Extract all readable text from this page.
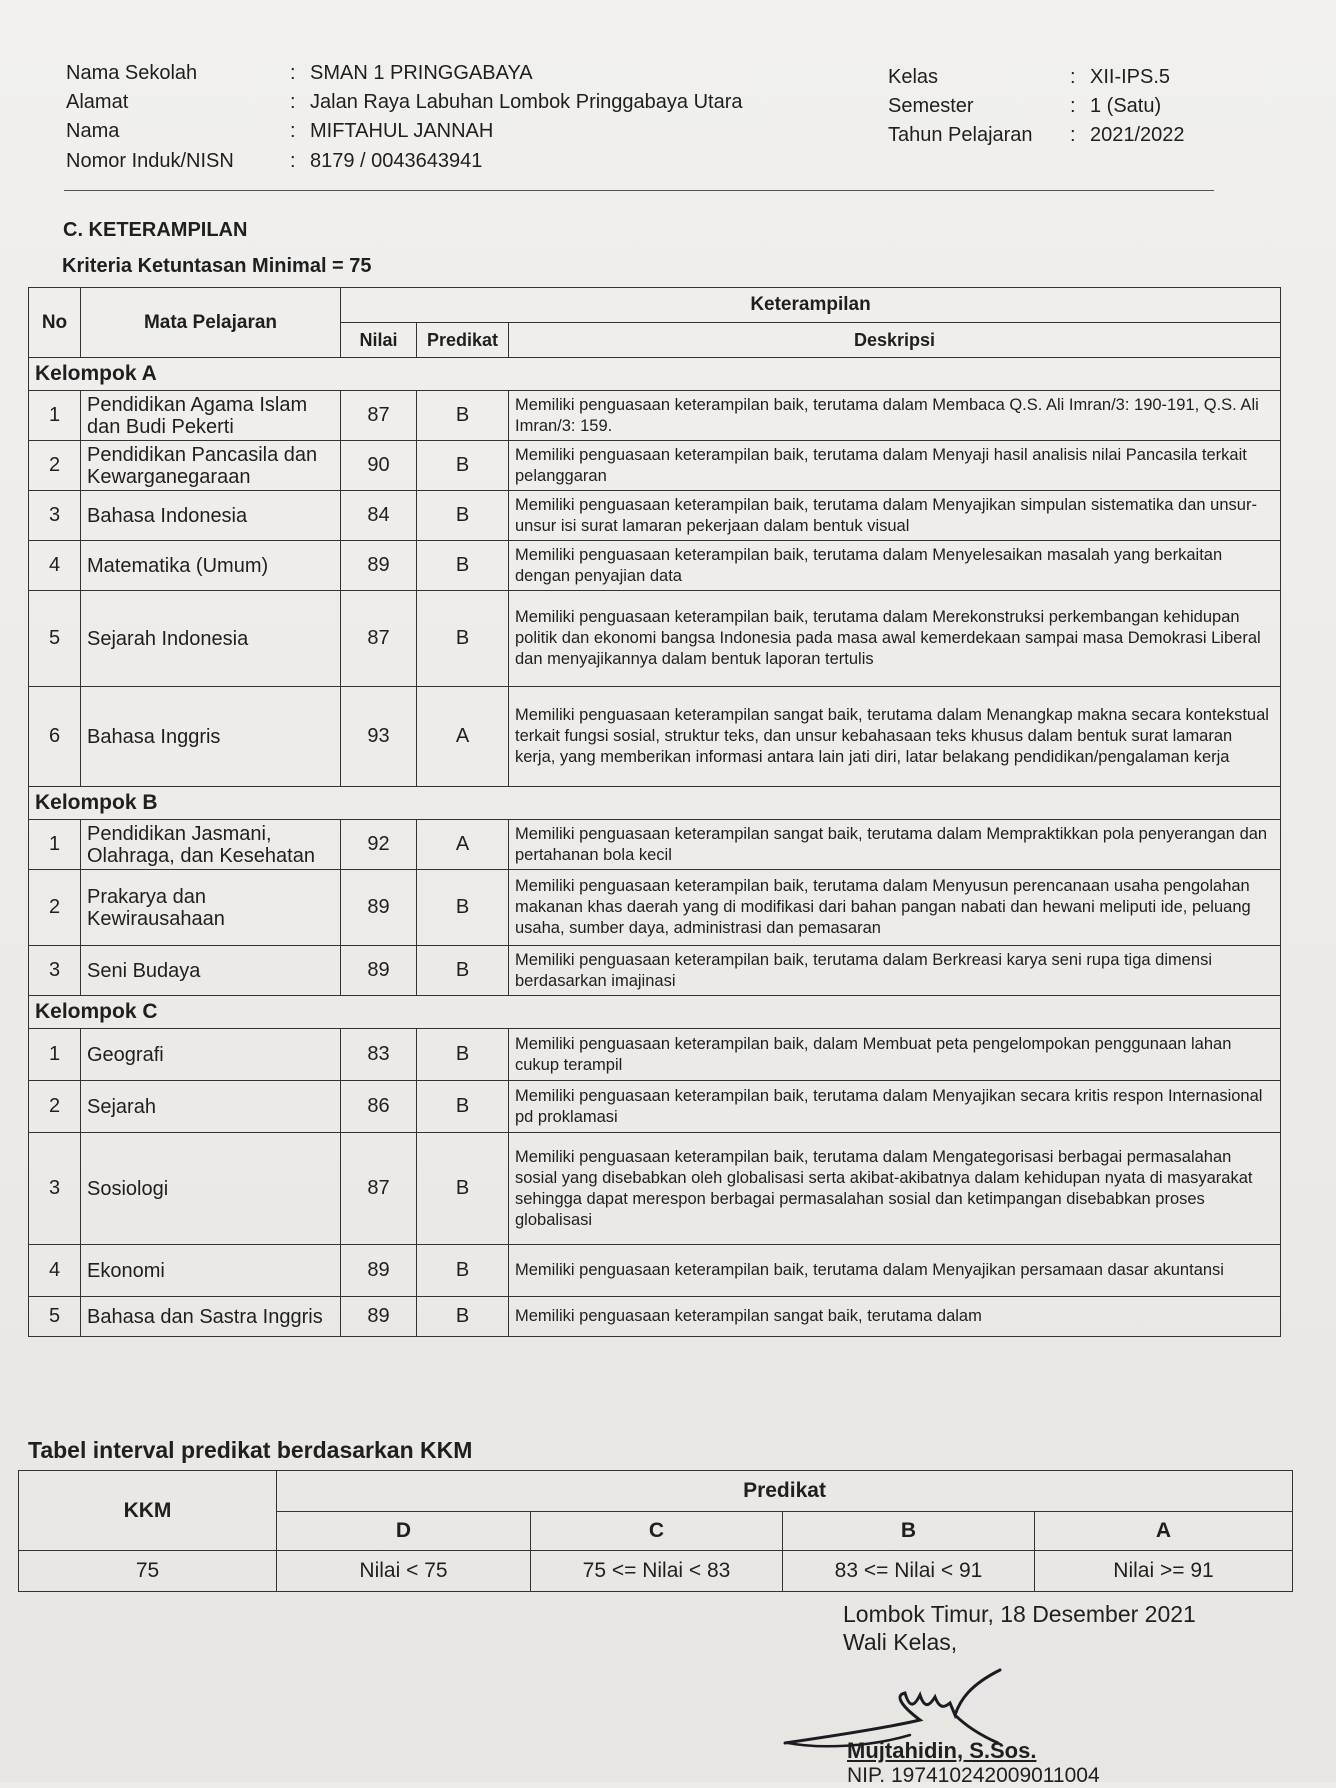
Nama Sekolah	: SMAN 1 PRINGGABAYA
Alamat	: Jalan Raya Labuhan Lombok Pringgabaya Utara
Nama	: MIFTAHUL JANNAH
Nomor Induk/NISN	: 8179 / 0043643941
Kelas	: XII-IPS.5
Semester	: 1 (Satu)
Tahun Pelajaran : 2021/2022
C. KETERAMPILAN
Kriteria Ketuntasan Minimal = 75
No	Mata Pelajaran	Keterampilan		
		Nilai	Predikat	Deskripsi
Kelompok A				
1	Pendidikan Agama Islam dan Budi Pekerti	87	B	Memiliki penguasaan keterampilan baik, terutama dalam Membaca Q.S. Ali Imran/3: 190-191, Q.S. Ali Imran/3: 159.
2	Pendidikan Pancasila dan Kewarganegaraan	90	B	Memiliki penguasaan keterampilan baik, terutama dalam Menyaji hasil analisis nilai Pancasila terkait pelanggaran
3	Bahasa Indonesia	84	B	Memiliki penguasaan keterampilan baik, terutama dalam Menyajikan simpulan sistematika dan unsur-unsur isi surat lamaran pekerjaan dalam bentuk visual
4	Matematika (Umum)	89	B	Memiliki penguasaan keterampilan baik, terutama dalam Menyelesaikan masalah yang berkaitan dengan penyajian data
5	Sejarah Indonesia	87	B	Memiliki penguasaan keterampilan baik, terutama dalam Merekonstruksi perkembangan kehidupan politik dan ekonomi bangsa Indonesia pada masa awal kemerdekaan sampai masa Demokrasi Liberal dan menyajikannya dalam bentuk laporan tertulis
6	Bahasa Inggris	93	A	Memiliki penguasaan keterampilan sangat baik, terutama dalam Menangkap makna secara kontekstual terkait fungsi sosial, struktur teks, dan unsur kebahasaan teks khusus dalam bentuk surat lamaran kerja, yang memberikan informasi antara lain jati diri, latar belakang pendidikan/pengalaman kerja
Kelompok B				
1	Pendidikan Jasmani, Olahraga, dan Kesehatan	92	A	Memiliki penguasaan keterampilan sangat baik, terutama dalam Mempraktikkan pola penyerangan dan pertahanan bola kecil
2	Prakarya dan Kewirausahaan	89	B	Memiliki penguasaan keterampilan baik, terutama dalam Menyusun perencanaan usaha pengolahan makanan khas daerah yang di modifikasi dari bahan pangan nabati dan hewani meliputi ide, peluang usaha, sumber daya, administrasi dan pemasaran
3	Seni Budaya	89	B	Memiliki penguasaan keterampilan baik, terutama dalam Berkreasi karya seni rupa tiga dimensi berdasarkan imajinasi
Kelompok C				
1	Geografi	83	B	Memiliki penguasaan keterampilan baik, dalam Membuat peta pengelompokan penggunaan lahan cukup terampil
2	Sejarah	86	B	Memiliki penguasaan keterampilan baik, terutama dalam Menyajikan secara kritis respon Internasional pd proklamasi
3	Sosiologi	87	B	Memiliki penguasaan keterampilan baik, terutama dalam Mengategorisasi berbagai permasalahan sosial yang disebabkan oleh globalisasi serta akibat-akibatnya dalam kehidupan nyata di masyarakat sehingga dapat merespon berbagai permasalahan sosial dan ketimpangan disebabkan proses globalisasi
4	Ekonomi	89	B	Memiliki penguasaan keterampilan baik, terutama dalam Menyajikan persamaan dasar akuntansi
5	Bahasa dan Sastra Inggris	89	B	Memiliki penguasaan keterampilan sangat baik, terutama dalam
Tabel interval predikat berdasarkan KKM
KKM	Predikat			
	D	C	B	A
75	Nilai < 75	75 <= Nilai < 83	83 <= Nilai < 91	Nilai >= 91
Lombok Timur, 18 Desember 2021
Wali Kelas,
Mujtahidin, S.Sos.
NIP. 197410242009011004
